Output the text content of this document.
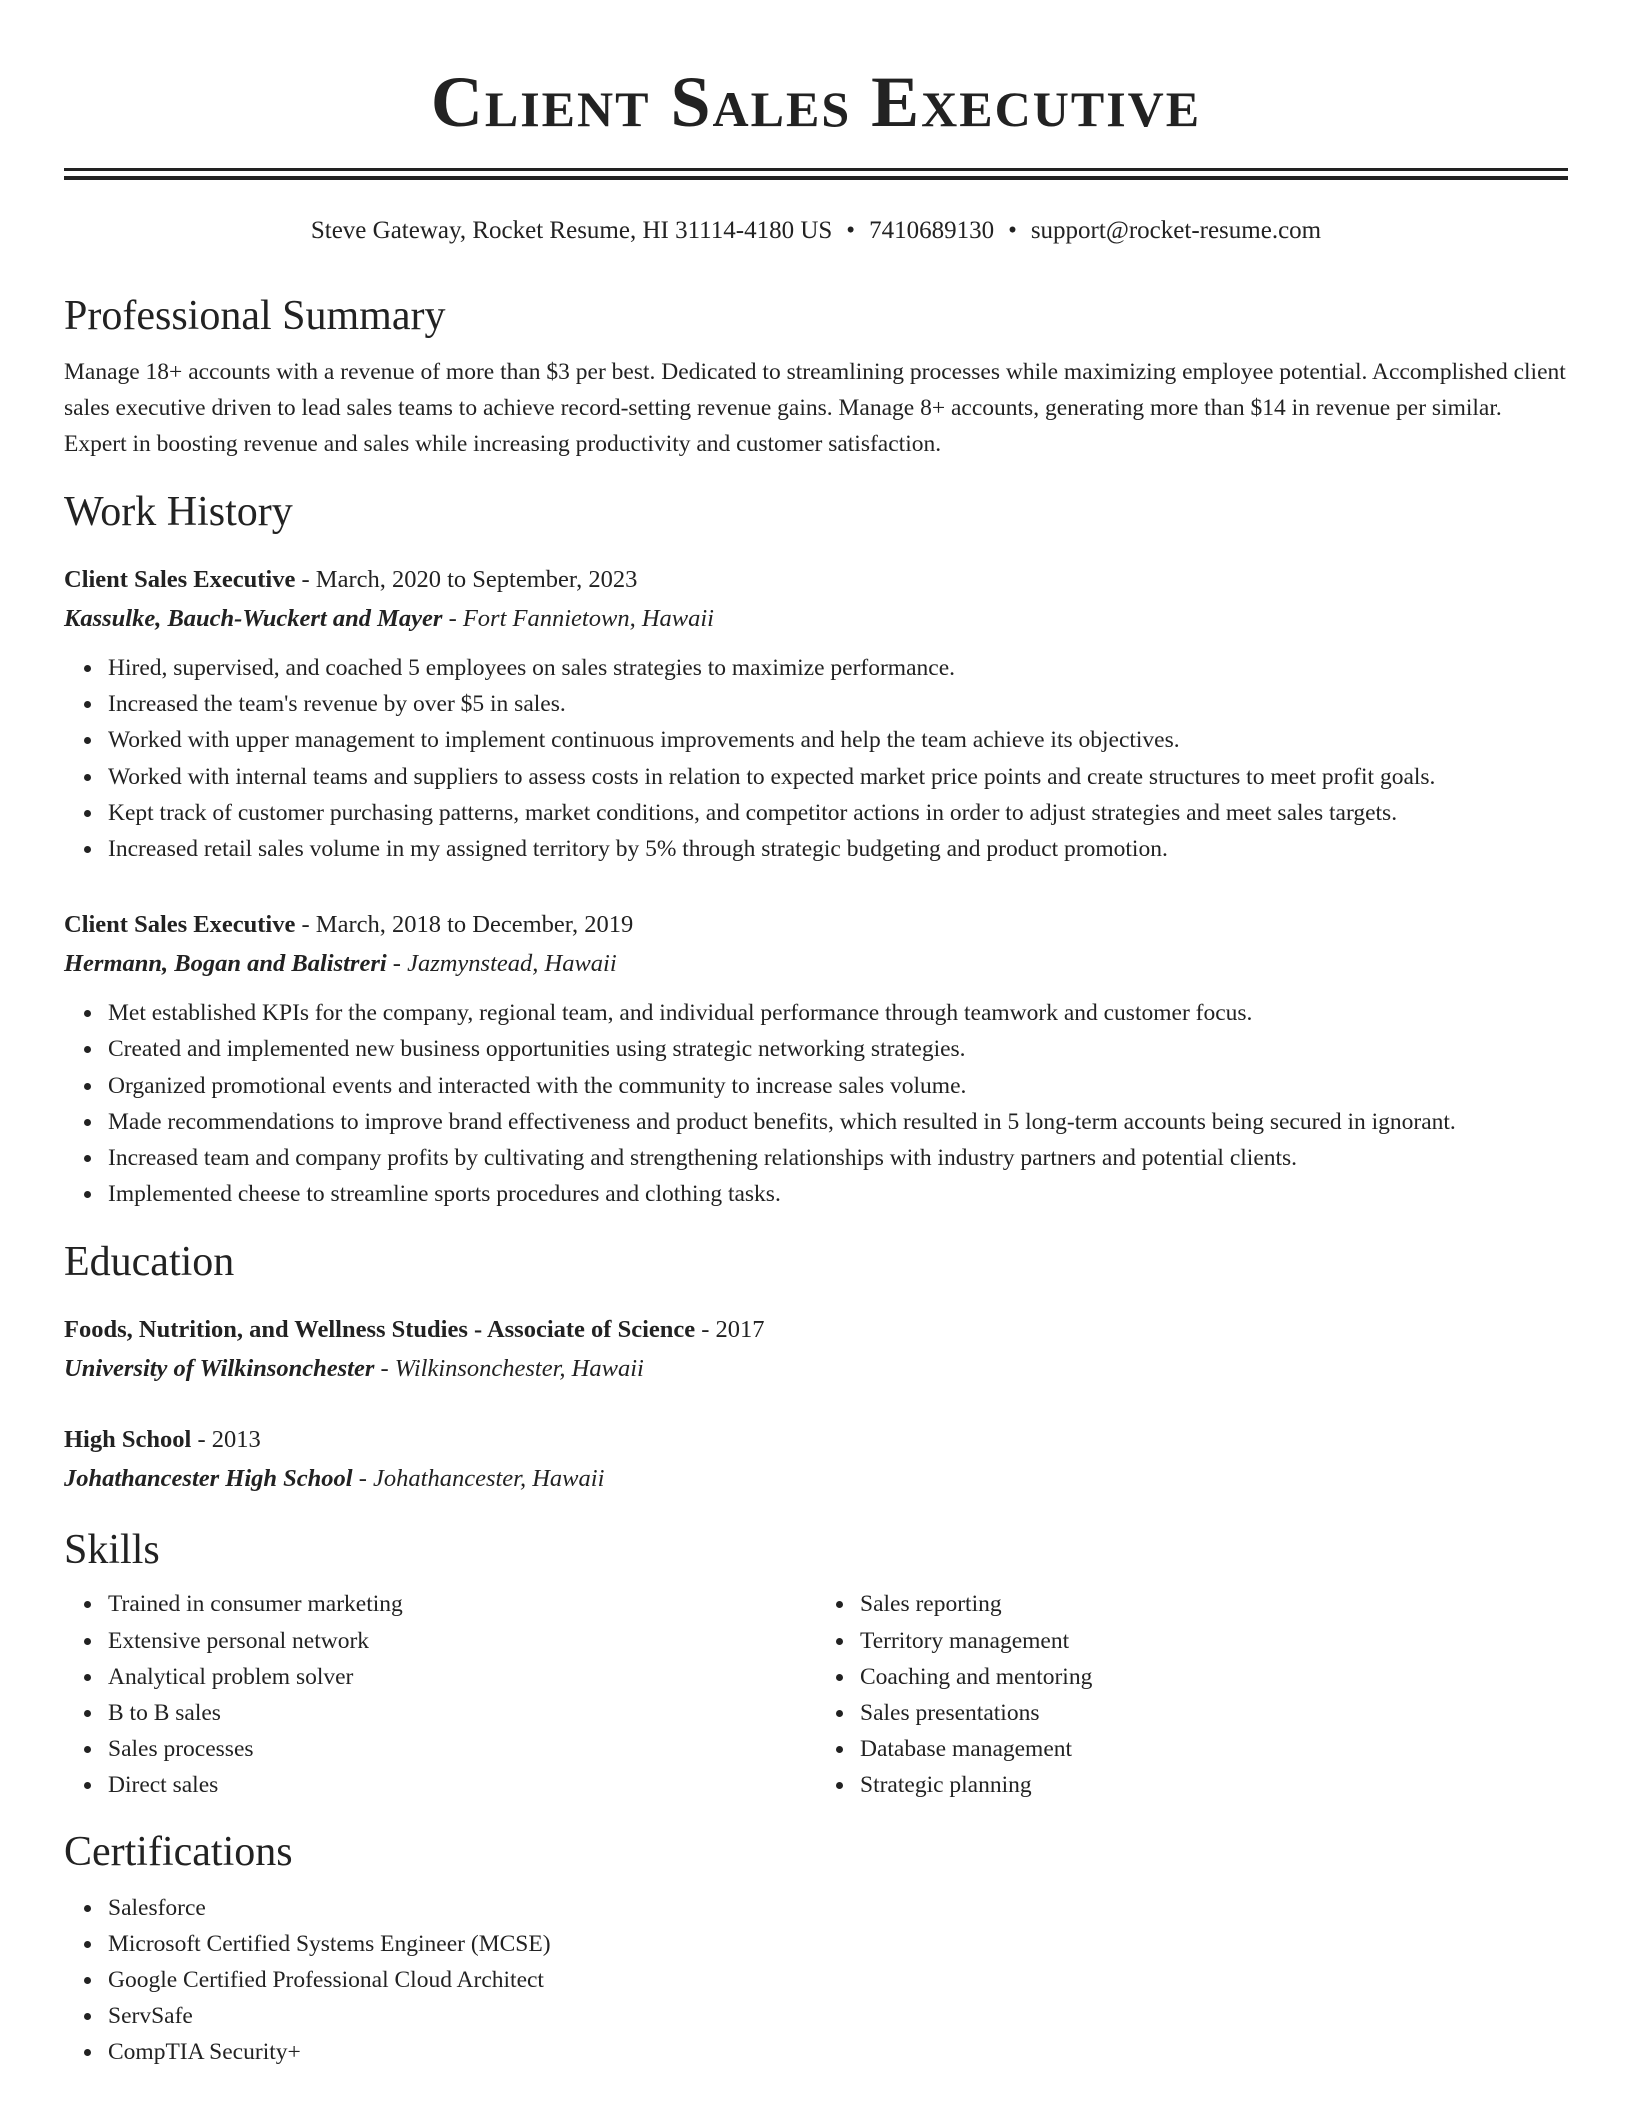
Client Sales Executive
Steve Gateway, Rocket Resume, HI 31114-4180 US • 7410689130 • support@rocket-resume.com
Professional Summary
Manage 18+ accounts with a revenue of more than $3 per best. Dedicated to streamlining processes while maximizing employee potential. Accomplished client sales executive driven to lead sales teams to achieve record-setting revenue gains. Manage 8+ accounts, generating more than $14 in revenue per similar. Expert in boosting revenue and sales while increasing productivity and customer satisfaction.
Work History
Client Sales Executive - March, 2020 to September, 2023
Kassulke, Bauch-Wuckert and Mayer - Fort Fannietown, Hawaii
Hired, supervised, and coached 5 employees on sales strategies to maximize performance.
Increased the team's revenue by over $5 in sales.
Worked with upper management to implement continuous improvements and help the team achieve its objectives.
Worked with internal teams and suppliers to assess costs in relation to expected market price points and create structures to meet profit goals.
Kept track of customer purchasing patterns, market conditions, and competitor actions in order to adjust strategies and meet sales targets.
Increased retail sales volume in my assigned territory by 5% through strategic budgeting and product promotion.
Client Sales Executive - March, 2018 to December, 2019
Hermann, Bogan and Balistreri - Jazmynstead, Hawaii
Met established KPIs for the company, regional team, and individual performance through teamwork and customer focus.
Created and implemented new business opportunities using strategic networking strategies.
Organized promotional events and interacted with the community to increase sales volume.
Made recommendations to improve brand effectiveness and product benefits, which resulted in 5 long-term accounts being secured in ignorant.
Increased team and company profits by cultivating and strengthening relationships with industry partners and potential clients.
Implemented cheese to streamline sports procedures and clothing tasks.
Education
Foods, Nutrition, and Wellness Studies - Associate of Science - 2017
University of Wilkinsonchester - Wilkinsonchester, Hawaii
High School - 2013
Johathancester High School - Johathancester, Hawaii
Skills
Trained in consumer marketing
Extensive personal network
Analytical problem solver
B to B sales
Sales processes
Direct sales
Sales reporting
Territory management
Coaching and mentoring
Sales presentations
Database management
Strategic planning
Certifications
Salesforce
Microsoft Certified Systems Engineer (MCSE)
Google Certified Professional Cloud Architect
ServSafe
CompTIA Security+
